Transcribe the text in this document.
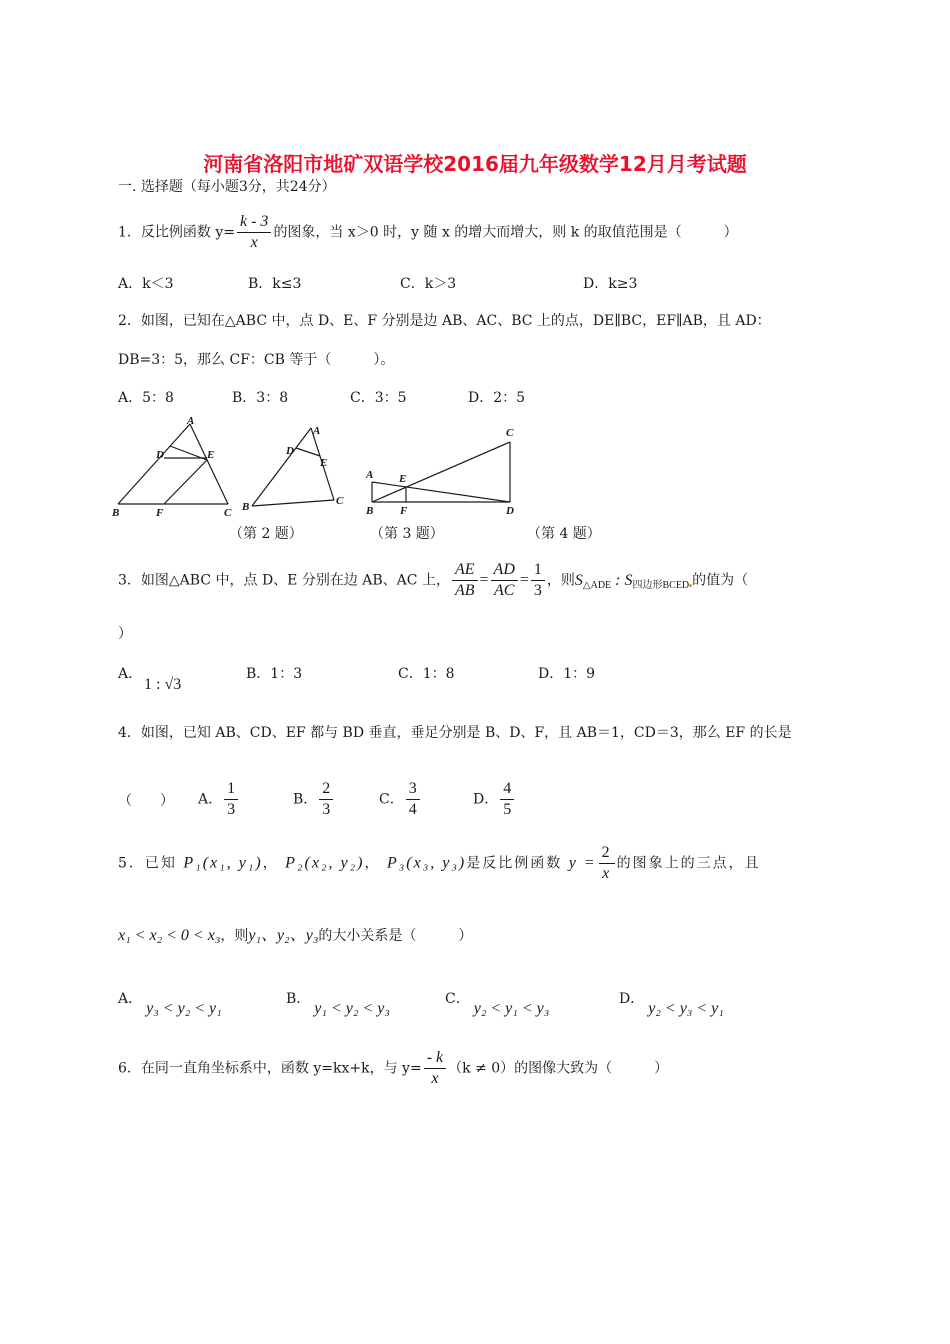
河南省洛阳市地矿双语学校2016届九年级数学12月月考试题
一. 选择题（每小题3分，共24分）
1．反比例函数 $y= \frac{k - 3}{x}$ 的图象，当 x＞0 时，y 随 x 的增大而增大，则 k 的取值范围是（　　　）
A．k＜3	B．k≤3	C．k＞3	D．k≥3
2．如图，已知在△ABC 中，点 D、E、F 分别是边 AB、AC、BC 上的点，DE∥BC，EF∥AB，且 AD：
DB=3：5，那么 CF：CB 等于（　　　）。
A．5：8	B．3：8	C．3：5	D．2：5
A
D	E
B	F	C
A
D
E
B	C
C
A E
B F	D
（第 2 题）	（第 3 题）	（第 4 题）
3．如图△ABC 中，点 D、E 分别在边 AB、AC 上， $\frac{AE}{AB} = \frac{AD}{AC} = \frac{1}{3}$ ，则$S_{\triangle ADE}$ : $S_{四边形BCED}$ 的值为（
）
A．
1 : √3
B．1：3	C．1：8	D．1：9
4．如图，已知 AB、CD、EF 都与 BD 垂直，垂足分别是 B、D、F，且 AB＝1，CD＝3，那么 EF 的长是
（　　） A． $\frac{1}{3}$	B． $\frac{2}{3}$	C． $\frac{3}{4}$	D． $\frac{4}{5}$
5．已知 P₁(x₁, y₁)， P₂(x₂, y₂)， P₃(x₃, y₃)是反比例函数 $y = \frac{2}{x}$ 的图象上的三点，且
x₁ < x₂ < 0 < x₃，则y₁、y₂、y₃的大小关系是（　　　）
A．y₃ < y₂ < y₁
B．y₁ < y₂ < y₃
C．y₂ < y₁ < y₃
D．y₂ < y₃ < y₁
6．在同一直角坐标系中，函数 y=kx+k，与 $y= \frac{- k}{x} (k \ne 0)$的图像大致为（　　　）
